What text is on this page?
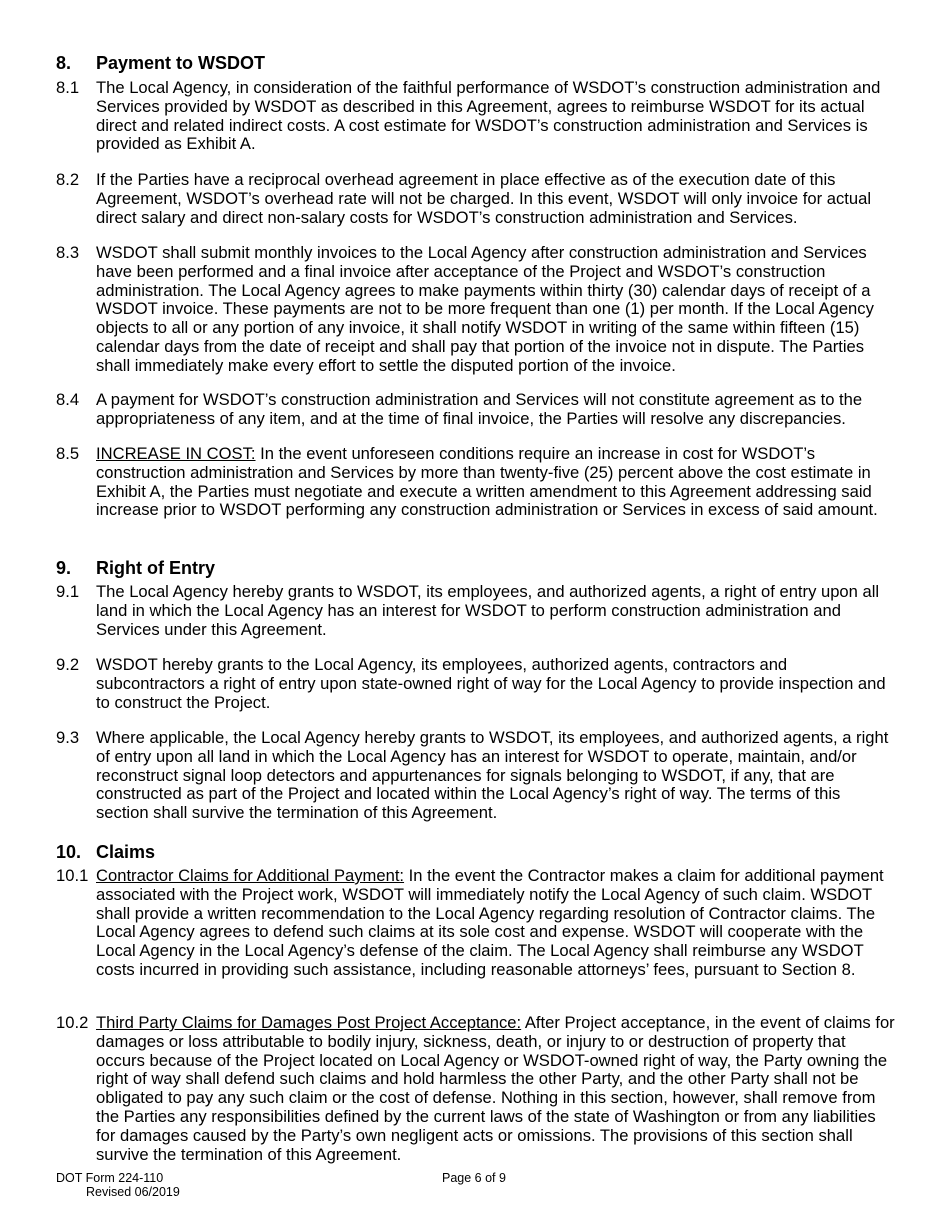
8. Payment to WSDOT
8.1	The Local Agency, in consideration of the faithful performance of WSDOT’s construction administration and Services provided by WSDOT as described in this Agreement, agrees to reimburse WSDOT for its actual direct and related indirect costs. A cost estimate for WSDOT’s construction administration and Services is provided as Exhibit A.
8.2	If the Parties have a reciprocal overhead agreement in place effective as of the execution date of this Agreement, WSDOT’s overhead rate will not be charged. In this event, WSDOT will only invoice for actual direct salary and direct non-salary costs for WSDOT’s construction administration and Services.
8.3	WSDOT shall submit monthly invoices to the Local Agency after construction administration and Services have been performed and a final invoice after acceptance of the Project and WSDOT’s construction administration. The Local Agency agrees to make payments within thirty (30) calendar days of receipt of a WSDOT invoice. These payments are not to be more frequent than one (1) per month. If the Local Agency objects to all or any portion of any invoice, it shall notify WSDOT in writing of the same within fifteen (15) calendar days from the date of receipt and shall pay that portion of the invoice not in dispute. The Parties shall immediately make every effort to settle the disputed portion of the invoice.
8.4	A payment for WSDOT’s construction administration and Services will not constitute agreement as to the appropriateness of any item, and at the time of final invoice, the Parties will resolve any discrepancies.
8.5	INCREASE IN COST: In the event unforeseen conditions require an increase in cost for WSDOT’s construction administration and Services by more than twenty-five (25) percent above the cost estimate in Exhibit A, the Parties must negotiate and execute a written amendment to this Agreement addressing said increase prior to WSDOT performing any construction administration or Services in excess of said amount.
9. Right of Entry
9.1	The Local Agency hereby grants to WSDOT, its employees, and authorized agents, a right of entry upon all land in which the Local Agency has an interest for WSDOT to perform construction administration and Services under this Agreement.
9.2	WSDOT hereby grants to the Local Agency, its employees, authorized agents, contractors and subcontractors a right of entry upon state-owned right of way for the Local Agency to provide inspection and to construct the Project.
9.3	Where applicable, the Local Agency hereby grants to WSDOT, its employees, and authorized agents, a right of entry upon all land in which the Local Agency has an interest for WSDOT to operate, maintain, and/or reconstruct signal loop detectors and appurtenances for signals belonging to WSDOT, if any, that are constructed as part of the Project and located within the Local Agency’s right of way. The terms of this section shall survive the termination of this Agreement.
10. Claims
10.1 Contractor Claims for Additional Payment: In the event the Contractor makes a claim for additional payment associated with the Project work, WSDOT will immediately notify the Local Agency of such claim. WSDOT shall provide a written recommendation to the Local Agency regarding resolution of Contractor claims. The Local Agency agrees to defend such claims at its sole cost and expense. WSDOT will cooperate with the Local Agency in the Local Agency’s defense of the claim. The Local Agency shall reimburse any WSDOT costs incurred in providing such assistance, including reasonable attorneys’ fees, pursuant to Section 8.
10.2 Third Party Claims for Damages Post Project Acceptance: After Project acceptance, in the event of claims for damages or loss attributable to bodily injury, sickness, death, or injury to or destruction of property that occurs because of the Project located on Local Agency or WSDOT-owned right of way, the Party owning the right of way shall defend such claims and hold harmless the other Party, and the other Party shall not be obligated to pay any such claim or the cost of defense. Nothing in this section, however, shall remove from the Parties any responsibilities defined by the current laws of the state of Washington or from any liabilities for damages caused by the Party’s own negligent acts or omissions. The provisions of this section shall survive the termination of this Agreement.
DOT Form 224-110
Revised 06/2019
Page 6 of 9
